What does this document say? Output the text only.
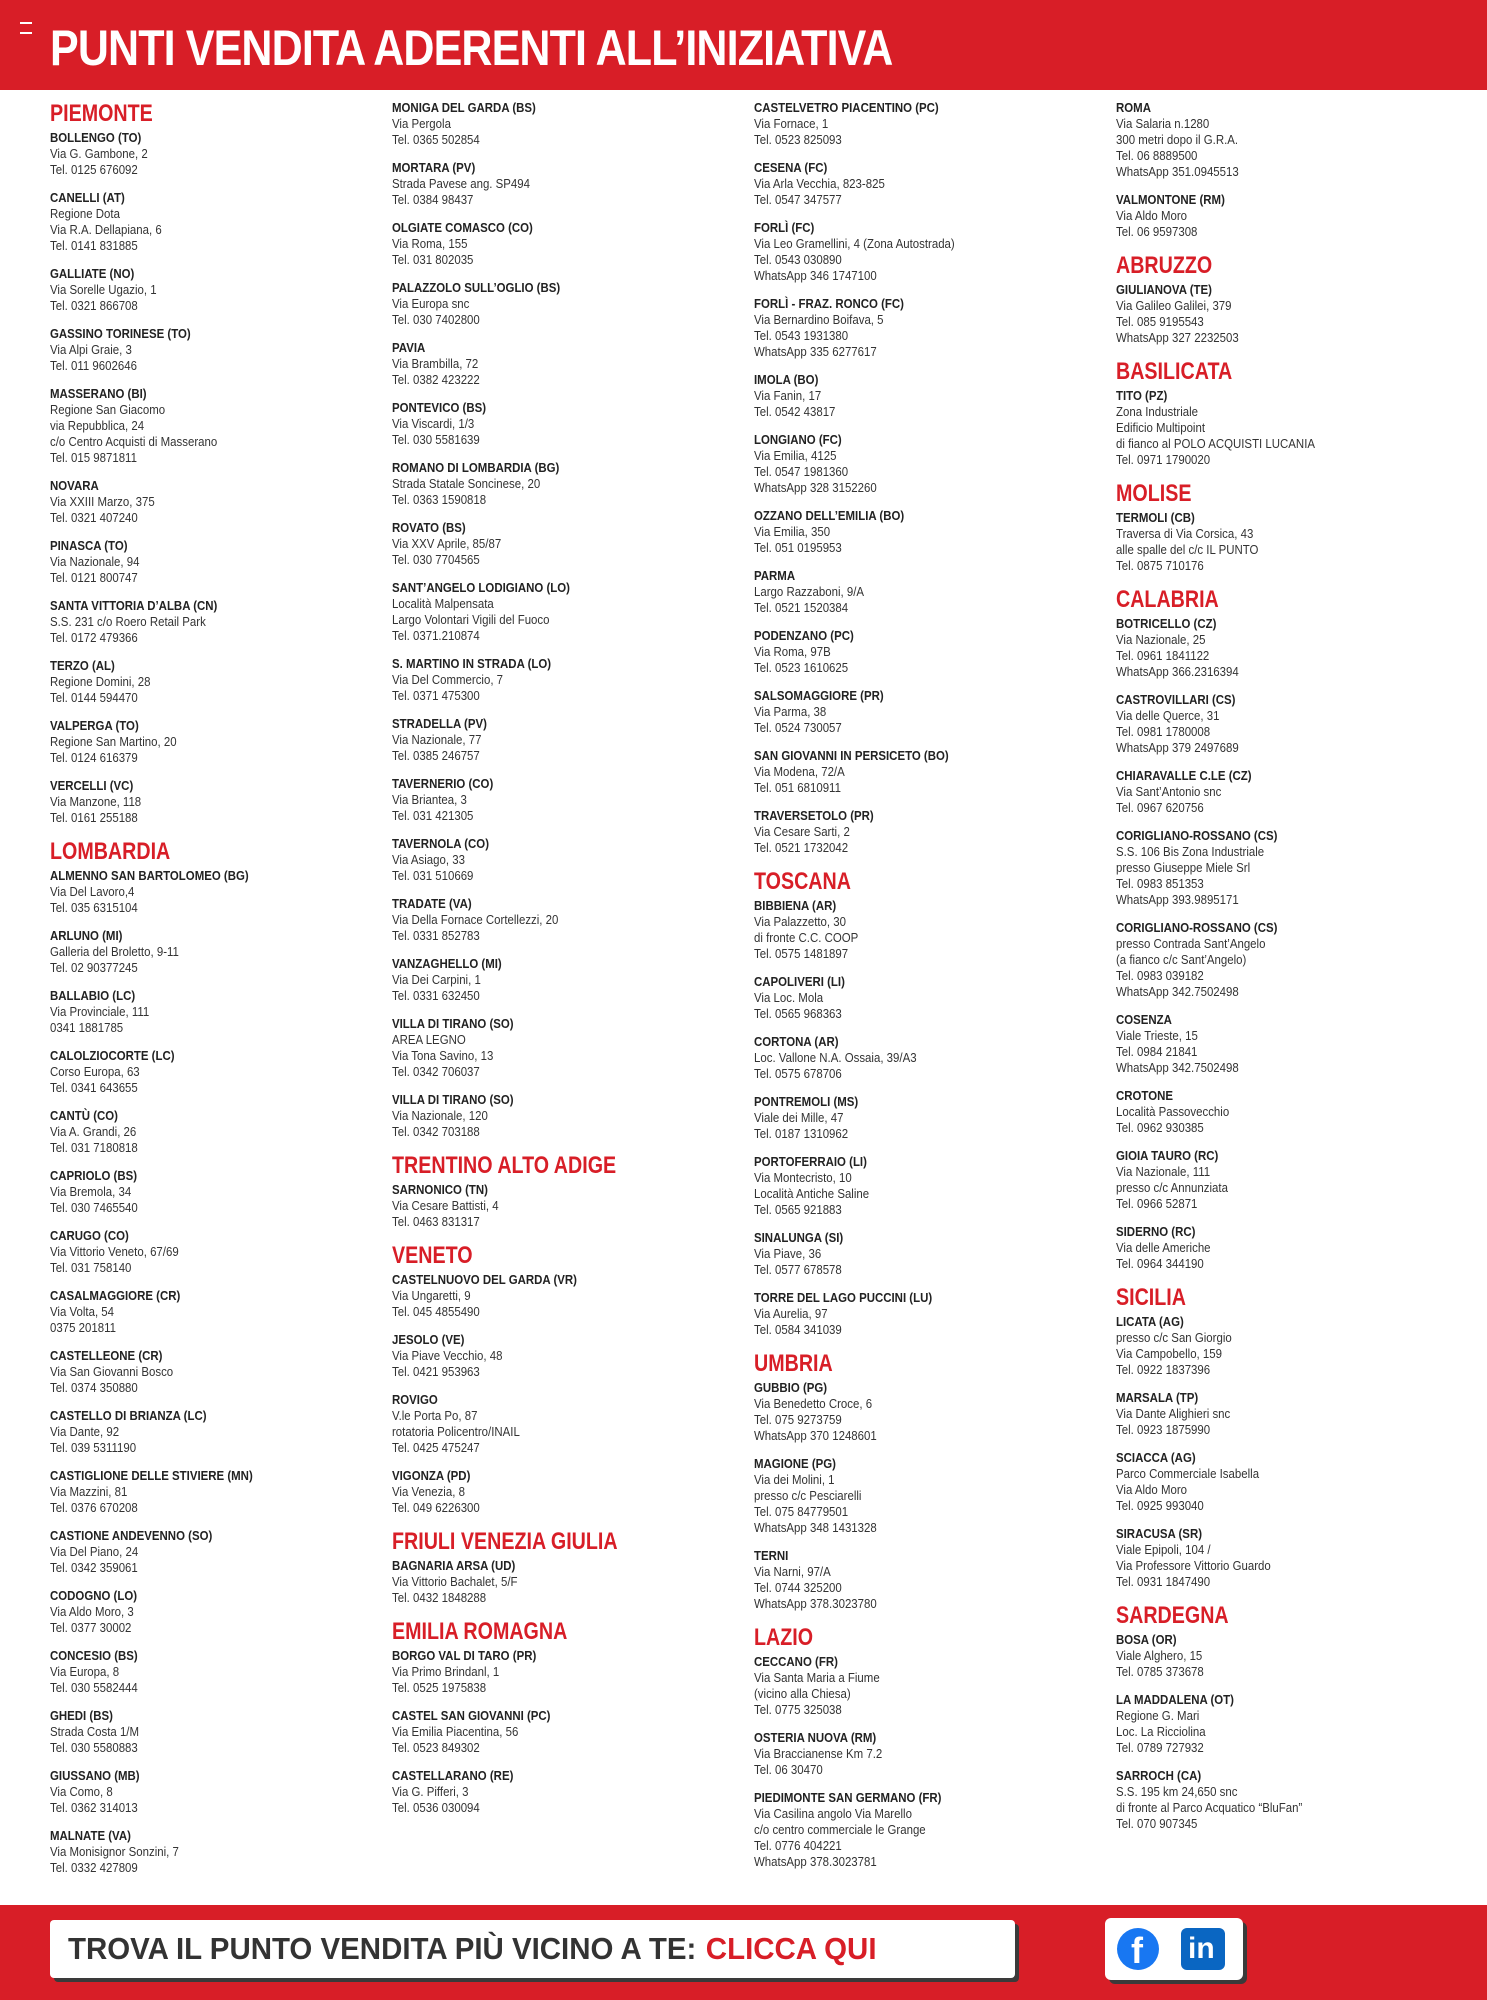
PUNTI VENDITA ADERENTI ALL’INIZIATIVA
PIEMONTE
BOLLENGO (TO)
Via G. Gambone, 2
Tel. 0125 676092
CANELLI (AT)
Regione Dota
Via R.A. Dellapiana, 6
Tel. 0141 831885
GALLIATE (NO)
Via Sorelle Ugazio, 1
Tel. 0321 866708
GASSINO TORINESE (TO)
Via Alpi Graie, 3
Tel. 011 9602646
MASSERANO (BI)
Regione San Giacomo
via Repubblica, 24
c/o Centro Acquisti di Masserano
Tel. 015 9871811
NOVARA
Via XXIII Marzo, 375
Tel. 0321 407240
PINASCA (TO)
Via Nazionale, 94
Tel. 0121 800747
SANTA VITTORIA D’ALBA (CN)
S.S. 231 c/o Roero Retail Park
Tel. 0172 479366
TERZO (AL)
Regione Domini, 28
Tel. 0144 594470
VALPERGA (TO)
Regione San Martino, 20
Tel. 0124 616379
VERCELLI (VC)
Via Manzone, 118
Tel. 0161 255188
LOMBARDIA
ALMENNO SAN BARTOLOMEO (BG)
Via Del Lavoro,4
Tel. 035 6315104
ARLUNO (MI)
Galleria del Broletto, 9-11
Tel. 02 90377245
BALLABIO (LC)
Via Provinciale, 111
0341 1881785
CALOLZIOCORTE (LC)
Corso Europa, 63
Tel. 0341 643655
CANTÙ (CO)
Via A. Grandi, 26
Tel. 031 7180818
CAPRIOLO (BS)
Via Bremola, 34
Tel. 030 7465540
CARUGO (CO)
Via Vittorio Veneto, 67/69
Tel. 031 758140
CASALMAGGIORE (CR)
Via Volta, 54
0375 201811
CASTELLEONE (CR)
Via San Giovanni Bosco
Tel. 0374 350880
CASTELLO DI BRIANZA (LC)
Via Dante, 92
Tel. 039 5311190
CASTIGLIONE DELLE STIVIERE (MN)
Via Mazzini, 81
Tel. 0376 670208
CASTIONE ANDEVENNO (SO)
Via Del Piano, 24
Tel. 0342 359061
CODOGNO (LO)
Via Aldo Moro, 3
Tel. 0377 30002
CONCESIO (BS)
Via Europa, 8
Tel. 030 5582444
GHEDI (BS)
Strada Costa 1/M
Tel. 030 5580883
GIUSSANO (MB)
Via Como, 8
Tel. 0362 314013
MALNATE (VA)
Via Monisignor Sonzini, 7
Tel. 0332 427809
MONIGA DEL GARDA (BS)
Via Pergola
Tel. 0365 502854
MORTARA (PV)
Strada Pavese ang. SP494
Tel. 0384 98437
OLGIATE COMASCO (CO)
Via Roma, 155
Tel. 031 802035
PALAZZOLO SULL’OGLIO (BS)
Via Europa snc
Tel. 030 7402800
PAVIA
Via Brambilla, 72
Tel. 0382 423222
PONTEVICO (BS)
Via Viscardi, 1/3
Tel. 030 5581639
ROMANO DI LOMBARDIA (BG)
Strada Statale Soncinese, 20
Tel. 0363 1590818
ROVATO (BS)
Via XXV Aprile, 85/87
Tel. 030 7704565
SANT’ANGELO LODIGIANO (LO)
Località Malpensata
Largo Volontari Vigili del Fuoco
Tel. 0371.210874
S. MARTINO IN STRADA (LO)
Via Del Commercio, 7
Tel. 0371 475300
STRADELLA (PV)
Via Nazionale, 77
Tel. 0385 246757
TAVERNERIO (CO)
Via Briantea, 3
Tel. 031 421305
TAVERNOLA (CO)
Via Asiago, 33
Tel. 031 510669
TRADATE (VA)
Via Della Fornace Cortellezzi, 20
Tel. 0331 852783
VANZAGHELLO (MI)
Via Dei Carpini, 1
Tel. 0331 632450
VILLA DI TIRANO (SO)
AREA LEGNO
Via Tona Savino, 13
Tel. 0342 706037
VILLA DI TIRANO (SO)
Via Nazionale, 120
Tel. 0342 703188
TRENTINO ALTO ADIGE
SARNONICO (TN)
Via Cesare Battisti, 4
Tel. 0463 831317
VENETO
CASTELNUOVO DEL GARDA (VR)
Via Ungaretti, 9
Tel. 045 4855490
JESOLO (VE)
Via Piave Vecchio, 48
Tel. 0421 953963
ROVIGO
V.le Porta Po, 87
rotatoria Policentro/INAIL
Tel. 0425 475247
VIGONZA (PD)
Via Venezia, 8
Tel. 049 6226300
FRIULI VENEZIA GIULIA
BAGNARIA ARSA (UD)
Via Vittorio Bachalet, 5/F
Tel. 0432 1848288
EMILIA ROMAGNA
BORGO VAL DI TARO (PR)
Via Primo Brindanl, 1
Tel. 0525 1975838
CASTEL SAN GIOVANNI (PC)
Via Emilia Piacentina, 56
Tel. 0523 849302
CASTELLARANO (RE)
Via G. Pifferi, 3
Tel. 0536 030094
CASTELVETRO PIACENTINO (PC)
Via Fornace, 1
Tel. 0523 825093
CESENA (FC)
Via Arla Vecchia, 823-825
Tel. 0547 347577
FORLÌ (FC)
Via Leo Gramellini, 4 (Zona Autostrada)
Tel. 0543 030890
WhatsApp 346 1747100
FORLÌ - FRAZ. RONCO (FC)
Via Bernardino Boifava, 5
Tel. 0543 1931380
WhatsApp 335 6277617
IMOLA (BO)
Via Fanin, 17
Tel. 0542 43817
LONGIANO (FC)
Via Emilia, 4125
Tel. 0547 1981360
WhatsApp 328 3152260
OZZANO DELL’EMILIA (BO)
Via Emilia, 350
Tel. 051 0195953
PARMA
Largo Razzaboni, 9/A
Tel. 0521 1520384
PODENZANO (PC)
Via Roma, 97B
Tel. 0523 1610625
SALSOMAGGIORE (PR)
Via Parma, 38
Tel. 0524 730057
SAN GIOVANNI IN PERSICETO (BO)
Via Modena, 72/A
Tel. 051 6810911
TRAVERSETOLO (PR)
Via Cesare Sarti, 2
Tel. 0521 1732042
TOSCANA
BIBBIENA (AR)
Via Palazzetto, 30
di fronte C.C. COOP
Tel. 0575 1481897
CAPOLIVERI (LI)
Via Loc. Mola
Tel. 0565 968363
CORTONA (AR)
Loc. Vallone N.A. Ossaia, 39/A3
Tel. 0575 678706
PONTREMOLI (MS)
Viale dei Mille, 47
Tel. 0187 1310962
PORTOFERRAIO (LI)
Via Montecristo, 10
Località Antiche Saline
Tel. 0565 921883
SINALUNGA (SI)
Via Piave, 36
Tel. 0577 678578
TORRE DEL LAGO PUCCINI (LU)
Via Aurelia, 97
Tel. 0584 341039
UMBRIA
GUBBIO (PG)
Via Benedetto Croce, 6
Tel. 075 9273759
WhatsApp 370 1248601
MAGIONE (PG)
Via dei Molini, 1
presso c/c Pesciarelli
Tel. 075 84779501
WhatsApp 348 1431328
TERNI
Via Narni, 97/A
Tel. 0744 325200
WhatsApp 378.3023780
LAZIO
CECCANO (FR)
Via Santa Maria a Fiume
(vicino alla Chiesa)
Tel. 0775 325038
OSTERIA NUOVA (RM)
Via Braccianense Km 7.2
Tel. 06 30470
PIEDIMONTE SAN GERMANO (FR)
Via Casilina angolo Via Marello
c/o centro commerciale le Grange
Tel. 0776 404221
WhatsApp 378.3023781
ROMA
Via Salaria n.1280
300 metri dopo il G.R.A.
Tel. 06 8889500
WhatsApp 351.0945513
VALMONTONE (RM)
Via Aldo Moro
Tel. 06 9597308
ABRUZZO
GIULIANOVA (TE)
Via Galileo Galilei, 379
Tel. 085 9195543
WhatsApp 327 2232503
BASILICATA
TITO (PZ)
Zona Industriale
Edificio Multipoint
di fianco al POLO ACQUISTI LUCANIA
Tel. 0971 1790020
MOLISE
TERMOLI (CB)
Traversa di Via Corsica, 43
alle spalle del c/c IL PUNTO
Tel. 0875 710176
CALABRIA
BOTRICELLO (CZ)
Via Nazionale, 25
Tel. 0961 1841122
WhatsApp 366.2316394
CASTROVILLARI (CS)
Via delle Querce, 31
Tel. 0981 1780008
WhatsApp 379 2497689
CHIARAVALLE C.LE (CZ)
Via Sant’Antonio snc
Tel. 0967 620756
CORIGLIANO-ROSSANO (CS)
S.S. 106 Bis Zona Industriale
presso Giuseppe Miele Srl
Tel. 0983 851353
WhatsApp 393.9895171
CORIGLIANO-ROSSANO (CS)
presso Contrada Sant’Angelo
(a fianco c/c Sant’Angelo)
Tel. 0983 039182
WhatsApp 342.7502498
COSENZA
Viale Trieste, 15
Tel. 0984 21841
WhatsApp 342.7502498
CROTONE
Località Passovecchio
Tel. 0962 930385
GIOIA TAURO (RC)
Via Nazionale, 111
presso c/c Annunziata
Tel. 0966 52871
SIDERNO (RC)
Via delle Americhe
Tel. 0964 344190
SICILIA
LICATA (AG)
presso c/c San Giorgio
Via Campobello, 159
Tel. 0922 1837396
MARSALA (TP)
Via Dante Alighieri snc
Tel. 0923 1875990
SCIACCA (AG)
Parco Commerciale Isabella
Via Aldo Moro
Tel. 0925 993040
SIRACUSA (SR)
Viale Epipoli, 104 /
Via Professore Vittorio Guardo
Tel. 0931 1847490
SARDEGNA
BOSA (OR)
Viale Alghero, 15
Tel. 0785 373678
LA MADDALENA (OT)
Regione G. Mari
Loc. La Ricciolina
Tel. 0789 727932
SARROCH (CA)
S.S. 195 km 24,650 snc
di fronte al Parco Acquatico “BluFan”
Tel. 070 907345
TROVA IL PUNTO VENDITA PIÙ VICINO A TE: CLICCA QUI	f in
